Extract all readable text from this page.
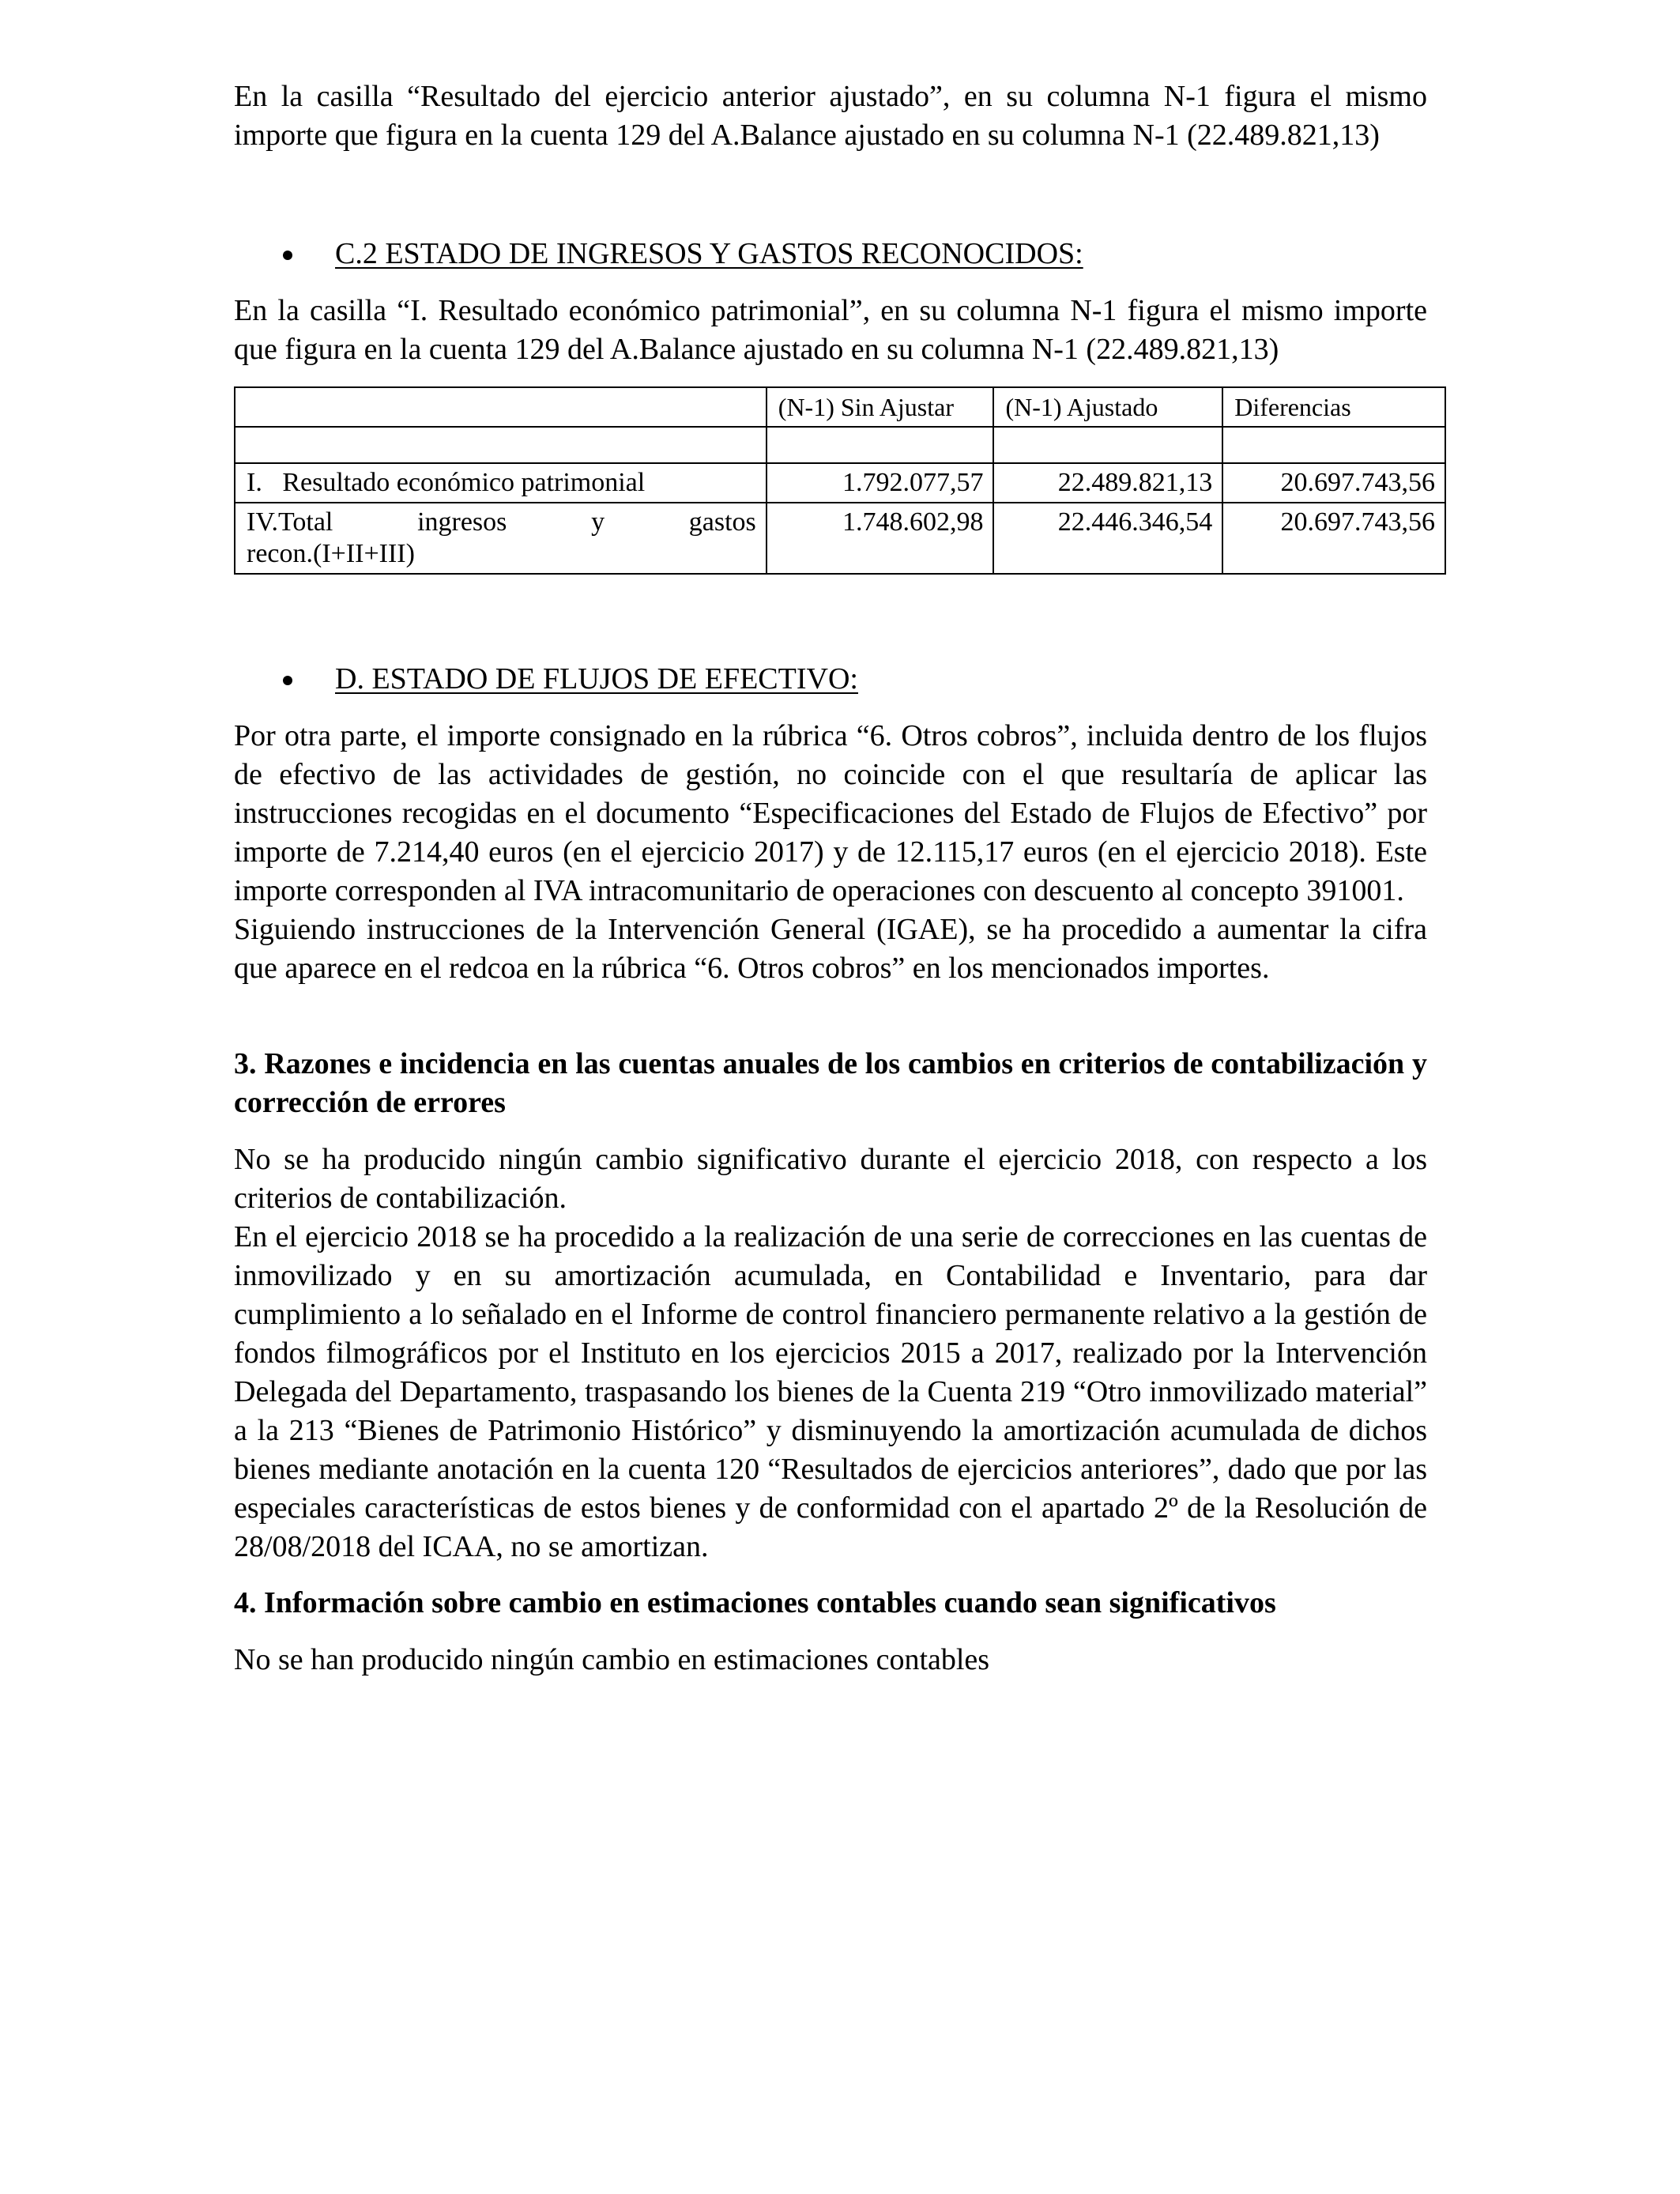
En la casilla “Resultado del ejercicio anterior ajustado”, en su columna N-1 figura el mismo importe que figura en la cuenta 129 del A.Balance ajustado en su columna N-1 (22.489.821,13)

C.2 ESTADO DE INGRESOS Y GASTOS RECONOCIDOS:

En la casilla “I. Resultado económico patrimonial”, en su columna N-1 figura el mismo importe que figura en la cuenta 129 del A.Balance ajustado en su columna N-1 (22.489.821,13)

	(N-1) Sin Ajustar	(N-1) Ajustado	Diferencias

I. Resultado económico patrimonial	1.792.077,57	22.489.821,13	20.697.743,56

IV.Total ingresos y gastos
recon.(I+II+III)	1.748.602,98	22.446.346,54	20.697.743,56
D. ESTADO DE FLUJOS DE EFECTIVO:

Por otra parte, el importe consignado en la rúbrica “6. Otros cobros”, incluida dentro de los flujos de efectivo de las actividades de gestión, no coincide con el que resultaría de aplicar las instrucciones recogidas en el documento “Especificaciones del Estado de Flujos de Efectivo” por importe de 7.214,40 euros (en el ejercicio 2017) y de 12.115,17 euros (en el ejercicio 2018). Este importe corresponden al IVA intracomunitario de operaciones con descuento al concepto 391001.

Siguiendo instrucciones de la Intervención General (IGAE), se ha procedido a aumentar la cifra que aparece en el redcoa en la rúbrica “6. Otros cobros” en los mencionados importes.

3. Razones e incidencia en las cuentas anuales de los cambios en criterios de contabilización y corrección de errores

No se ha producido ningún cambio significativo durante el ejercicio 2018, con respecto a los criterios de contabilización.

En el ejercicio 2018 se ha procedido a la realización de una serie de correcciones en las cuentas de inmovilizado y en su amortización acumulada, en Contabilidad e Inventario, para dar cumplimiento a lo señalado en el Informe de control financiero permanente relativo a la gestión de fondos filmográficos por el Instituto en los ejercicios 2015 a 2017, realizado por la Intervención Delegada del Departamento, traspasando los bienes de la Cuenta 219 “Otro inmovilizado material” a la 213 “Bienes de Patrimonio Histórico” y disminuyendo la amortización acumulada de dichos bienes mediante anotación en la cuenta 120 “Resultados de ejercicios anteriores”, dado que por las especiales características de estos bienes y de conformidad con el apartado 2º de la Resolución de 28/08/2018 del ICAA, no se amortizan.

4. Información sobre cambio en estimaciones contables cuando sean significativos

No se han producido ningún cambio en estimaciones contables
